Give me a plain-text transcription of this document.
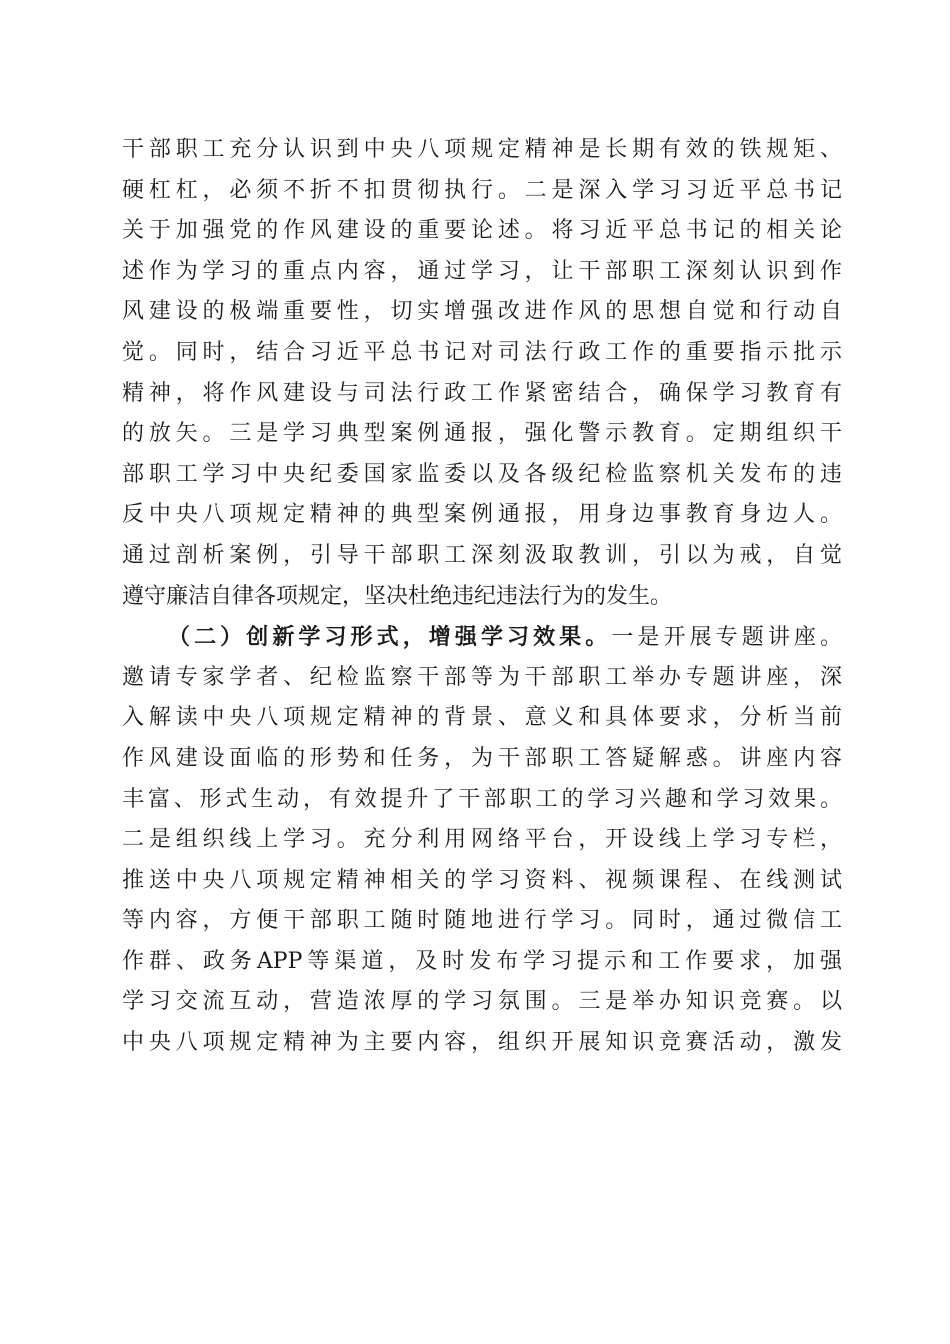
干部职工充分认识到中央八项规定精神是长期有效的铁规矩、
硬杠杠，必须不折不扣贯彻执行。二是深入学习习近平总书记
关于加强党的作风建设的重要论述。将习近平总书记的相关论
述作为学习的重点内容，通过学习，让干部职工深刻认识到作
风建设的极端重要性，切实增强改进作风的思想自觉和行动自
觉。同时，结合习近平总书记对司法行政工作的重要指示批示
精神，将作风建设与司法行政工作紧密结合，确保学习教育有
的放矢。三是学习典型案例通报，强化警示教育。定期组织干
部职工学习中央纪委国家监委以及各级纪检监察机关发布的违
反中央八项规定精神的典型案例通报，用身边事教育身边人。
通过剖析案例，引导干部职工深刻汲取教训，引以为戒，自觉
遵守廉洁自律各项规定，坚决杜绝违纪违法行为的发生。
（二）创新学习形式，增强学习效果。一是开展专题讲座。
邀请专家学者、纪检监察干部等为干部职工举办专题讲座，深
入解读中央八项规定精神的背景、意义和具体要求，分析当前
作风建设面临的形势和任务，为干部职工答疑解惑。讲座内容
丰富、形式生动，有效提升了干部职工的学习兴趣和学习效果。
二是组织线上学习。充分利用网络平台，开设线上学习专栏，
推送中央八项规定精神相关的学习资料、视频课程、在线测试
等内容，方便干部职工随时随地进行学习。同时，通过微信工
作群、政务APP等渠道，及时发布学习提示和工作要求，加强
学习交流互动，营造浓厚的学习氛围。三是举办知识竞赛。以
中央八项规定精神为主要内容，组织开展知识竞赛活动，激发
